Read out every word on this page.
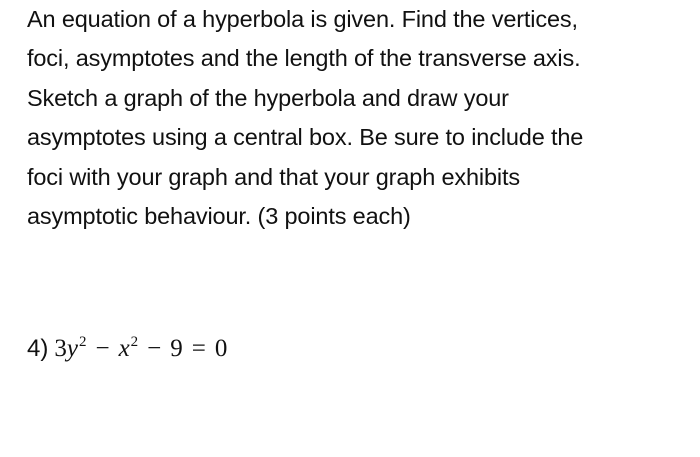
An equation of a hyperbola is given. Find the vertices,
foci, asymptotes and the length of the transverse axis.
Sketch a graph of the hyperbola and draw your
asymptotes using a central box. Be sure to include the
foci with your graph and that your graph exhibits
asymptotic behaviour. (3 points each)
4) $3y^2 - x^2 - 9 = 0$
